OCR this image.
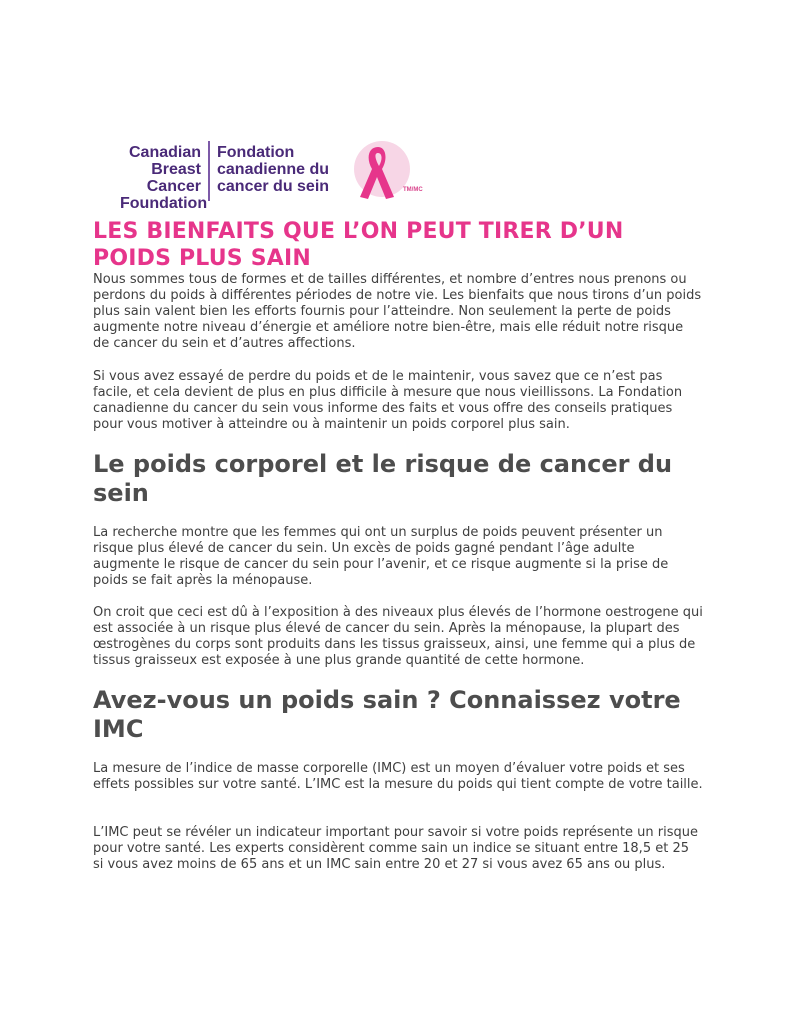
Canadian
Breast Cancer
Foundation
Fondation
canadienne du
cancer du sein	TM/MC
LES BIENFAITS QUE L’ON PEUT TIRER D’UN POIDS PLUS SAIN

Nous sommes tous de formes et de tailles différentes, et nombre d’entres nous prenons ou perdons du poids à différentes périodes de notre vie. Les bienfaits que nous tirons d’un poids plus sain valent bien les efforts fournis pour l’atteindre. Non seulement la perte de poids augmente notre niveau d’énergie et améliore notre bien-être, mais elle réduit notre risque de cancer du sein et d’autres affections.

Si vous avez essayé de perdre du poids et de le maintenir, vous savez que ce n’est pas facile, et cela devient de plus en plus difficile à mesure que nous vieillissons. La Fondation canadienne du cancer du sein vous informe des faits et vous offre des conseils pratiques pour vous motiver à atteindre ou à maintenir un poids corporel plus sain.

Le poids corporel et le risque de cancer du sein

La recherche montre que les femmes qui ont un surplus de poids peuvent présenter un risque plus élevé de cancer du sein. Un excès de poids gagné pendant l’âge adulte augmente le risque de cancer du sein pour l’avenir, et ce risque augmente si la prise de poids se fait après la ménopause.

On croit que ceci est dû à l’exposition à des niveaux plus élevés de l’hormone oestrogene qui est associée à un risque plus élevé de cancer du sein. Après la ménopause, la plupart des œstrogènes du corps sont produits dans les tissus graisseux, ainsi, une femme qui a plus de tissus graisseux est exposée à une plus grande quantité de cette hormone.

Avez-vous un poids sain ? Connaissez votre IMC

La mesure de l’indice de masse corporelle (IMC) est un moyen d’évaluer votre poids et ses effets possibles sur votre santé. L’IMC est la mesure du poids qui tient compte de votre taille.

L’IMC peut se révéler un indicateur important pour savoir si votre poids représente un risque pour votre santé. Les experts considèrent comme sain un indice se situant entre 18,5 et 25 si vous avez moins de 65 ans et un IMC sain entre 20 et 27 si vous avez 65 ans ou plus.
